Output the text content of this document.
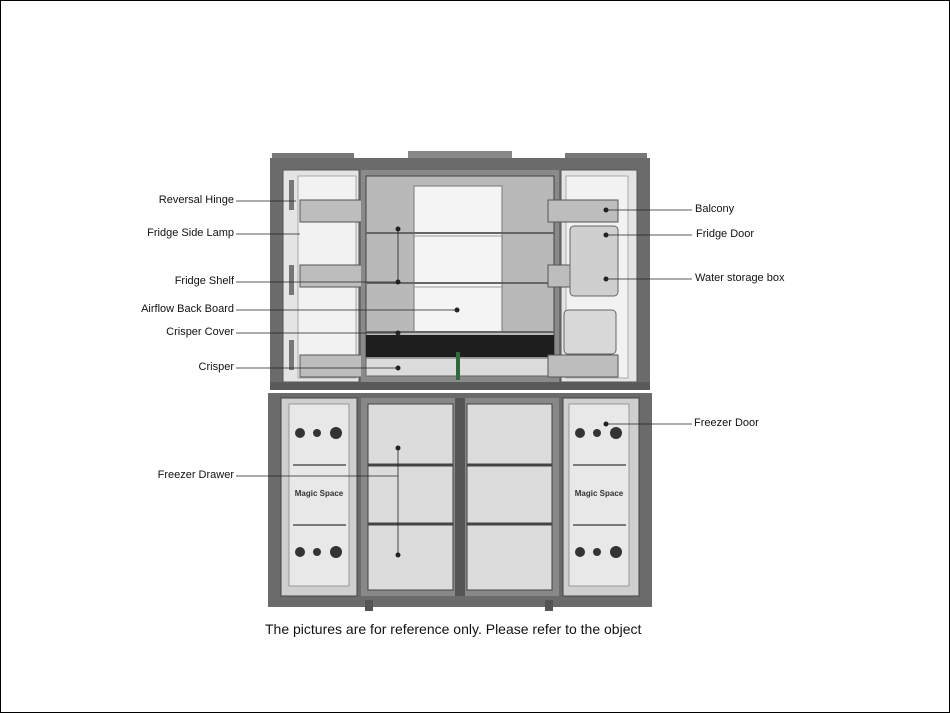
Magic Space	Magic Space
Reversal Hinge
Fridge Side Lamp
Fridge Shelf
Airflow Back Board
Crisper Cover
Crisper
Freezer Drawer
Balcony
Fridge Door
Water storage box
Freezer Door
The pictures are for reference only. Please refer to the object
